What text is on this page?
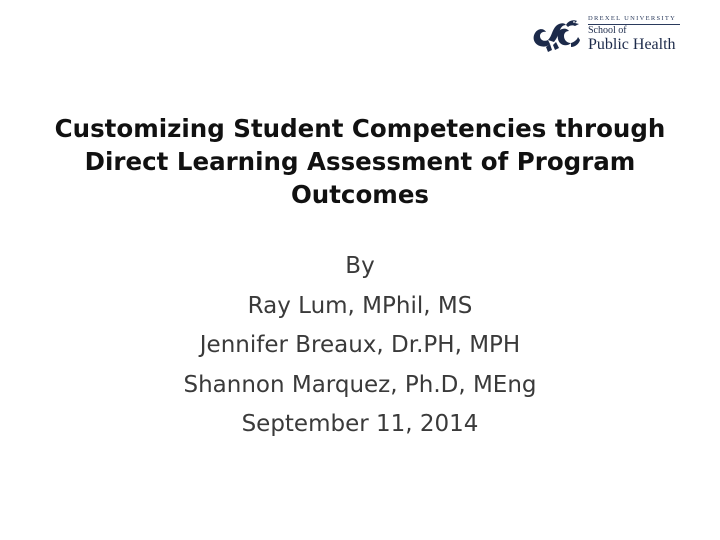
DREXEL UNIVERSITY
School of
Public Health
Customizing Student Competencies through
Direct Learning Assessment of Program
Outcomes
By
Ray Lum, MPhil, MS
Jennifer Breaux, Dr.PH, MPH
Shannon Marquez, Ph.D, MEng
September 11, 2014
